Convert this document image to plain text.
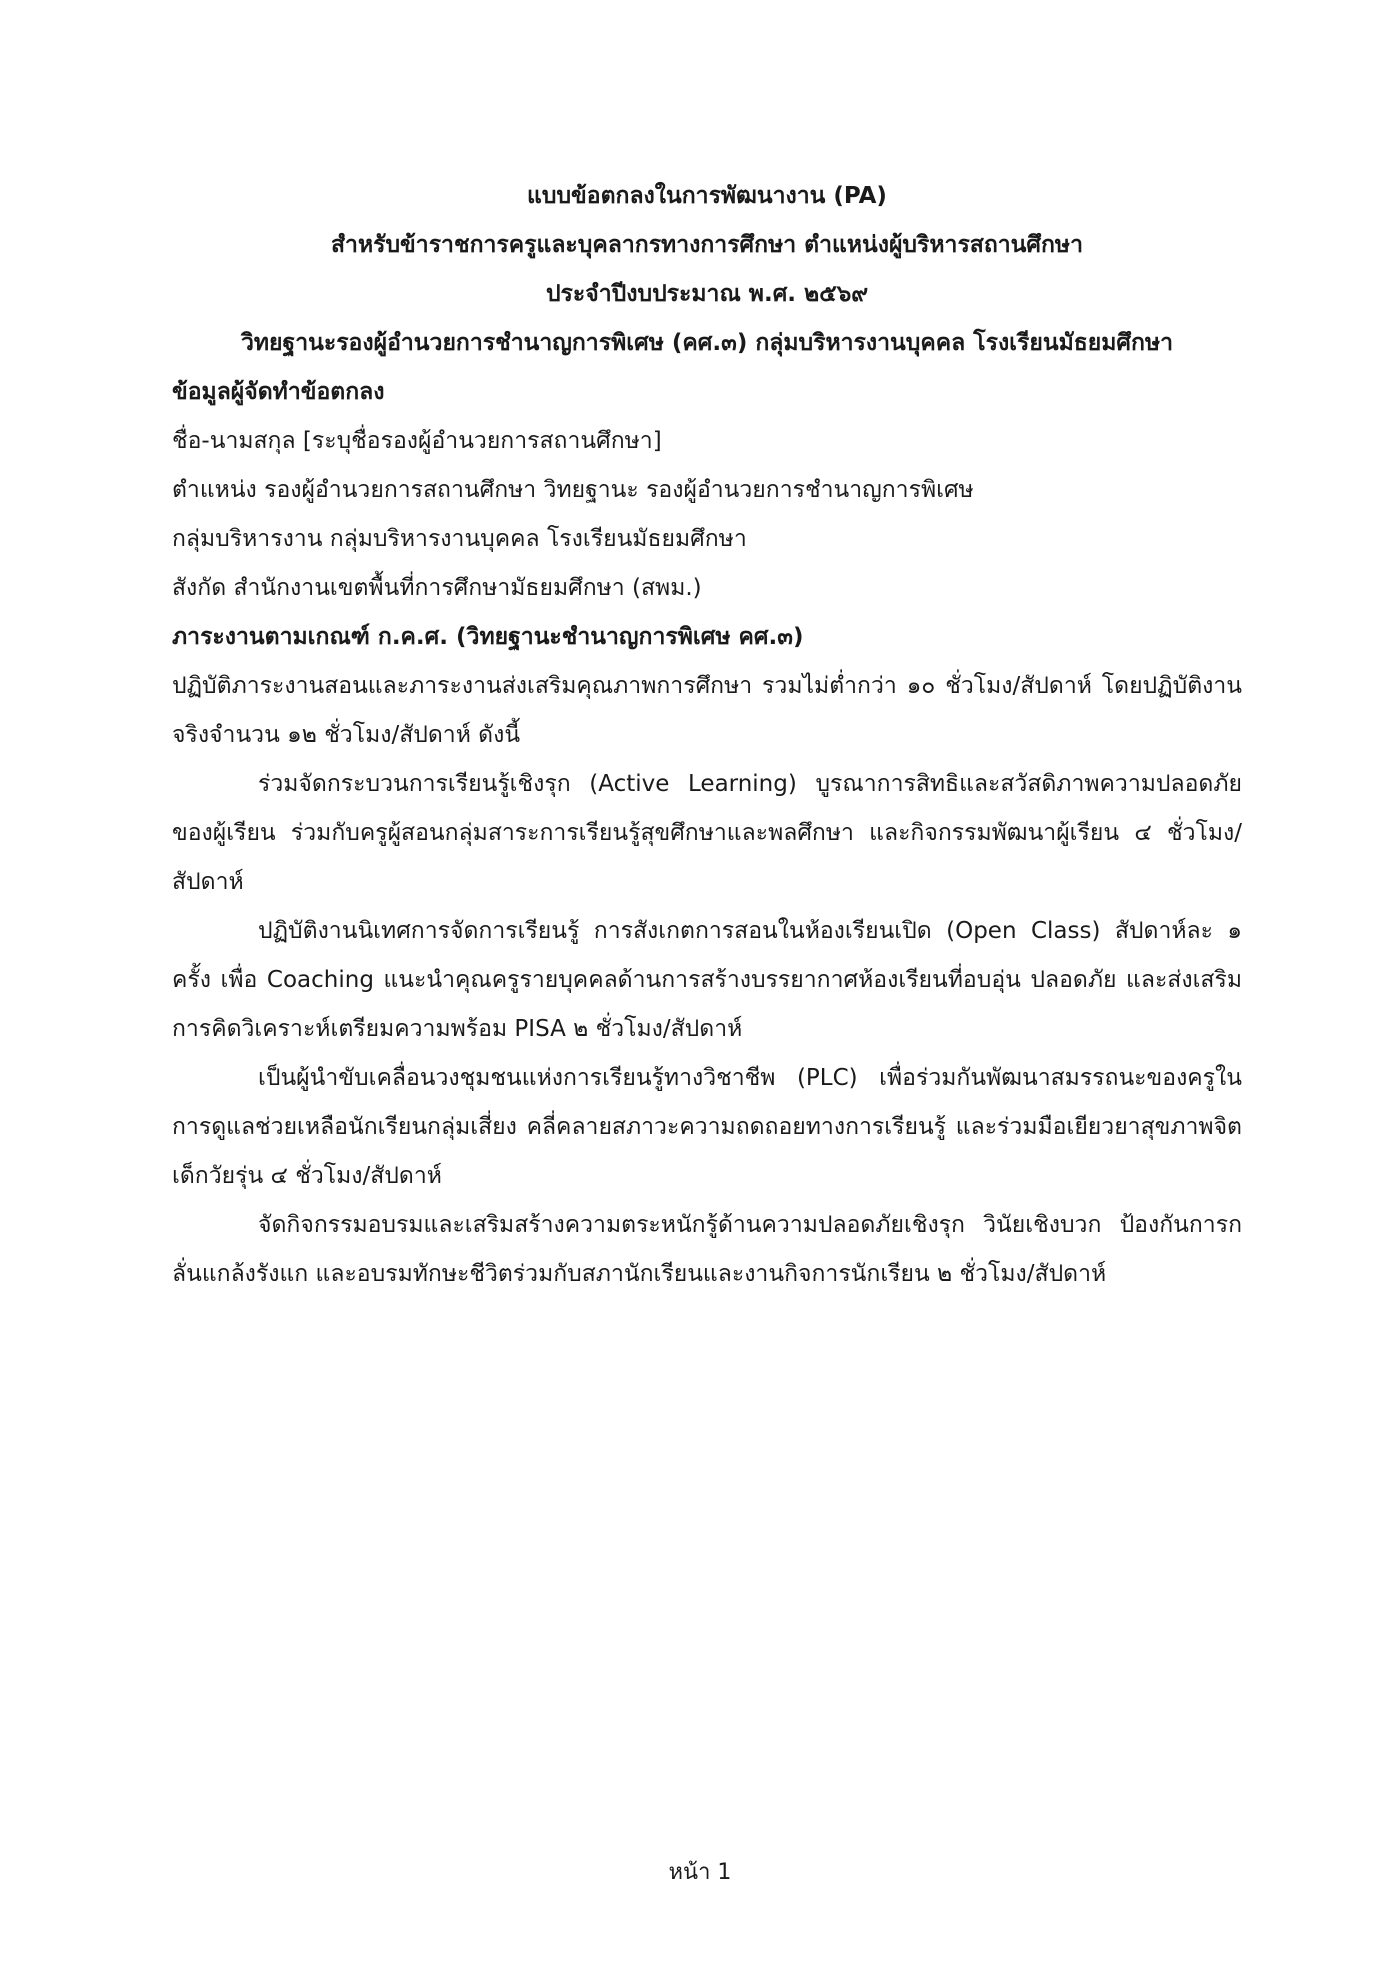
แบบข้อตกลงในการพัฒนางาน (PA)
สำหรับข้าราชการครูและบุคลากรทางการศึกษา ตำแหน่งผู้บริหารสถานศึกษา
ประจำปีงบประมาณ พ.ศ. ๒๕๖๙
วิทยฐานะรองผู้อำนวยการชำนาญการพิเศษ (คศ.๓) กลุ่มบริหารงานบุคคล โรงเรียนมัธยมศึกษา
ข้อมูลผู้จัดทำข้อตกลง
ชื่อ-นามสกุล [ระบุชื่อรองผู้อำนวยการสถานศึกษา]
ตำแหน่ง รองผู้อำนวยการสถานศึกษา วิทยฐานะ รองผู้อำนวยการชำนาญการพิเศษ
กลุ่มบริหารงาน กลุ่มบริหารงานบุคคล โรงเรียนมัธยมศึกษา
สังกัด สำนักงานเขตพื้นที่การศึกษามัธยมศึกษา (สพม.)
ภาระงานตามเกณฑ์ ก.ค.ศ. (วิทยฐานะชำนาญการพิเศษ คศ.๓)
ปฏิบัติภาระงานสอนและภาระงานส่งเสริมคุณภาพการศึกษา รวมไม่ต่ำกว่า ๑๐ ชั่วโมง/สัปดาห์ โดยปฏิบัติงานจริงจำนวน ๑๒ ชั่วโมง/สัปดาห์ ดังนี้
ร่วมจัดกระบวนการเรียนรู้เชิงรุก (Active Learning) บูรณาการสิทธิและสวัสดิภาพความปลอดภัยของผู้เรียน ร่วมกับครูผู้สอนกลุ่มสาระการเรียนรู้สุขศึกษาและพลศึกษา และกิจกรรมพัฒนาผู้เรียน ๔ ชั่วโมง/สัปดาห์
ปฏิบัติงานนิเทศการจัดการเรียนรู้ การสังเกตการสอนในห้องเรียนเปิด (Open Class) สัปดาห์ละ ๑ ครั้ง เพื่อ Coaching แนะนำคุณครูรายบุคคลด้านการสร้างบรรยากาศห้องเรียนที่อบอุ่น ปลอดภัย และส่งเสริมการคิดวิเคราะห์เตรียมความพร้อม PISA ๒ ชั่วโมง/สัปดาห์
เป็นผู้นำขับเคลื่อนวงชุมชนแห่งการเรียนรู้ทางวิชาชีพ (PLC) เพื่อร่วมกันพัฒนาสมรรถนะของครูในการดูแลช่วยเหลือนักเรียนกลุ่มเสี่ยง คลี่คลายสภาวะความถดถอยทางการเรียนรู้ และร่วมมือเยียวยาสุขภาพจิตเด็กวัยรุ่น ๔ ชั่วโมง/สัปดาห์
จัดกิจกรรมอบรมและเสริมสร้างความตระหนักรู้ด้านความปลอดภัยเชิงรุก วินัยเชิงบวก ป้องกันการกลั่นแกล้งรังแก และอบรมทักษะชีวิตร่วมกับสภานักเรียนและงานกิจการนักเรียน ๒ ชั่วโมง/สัปดาห์
หน้า 1
